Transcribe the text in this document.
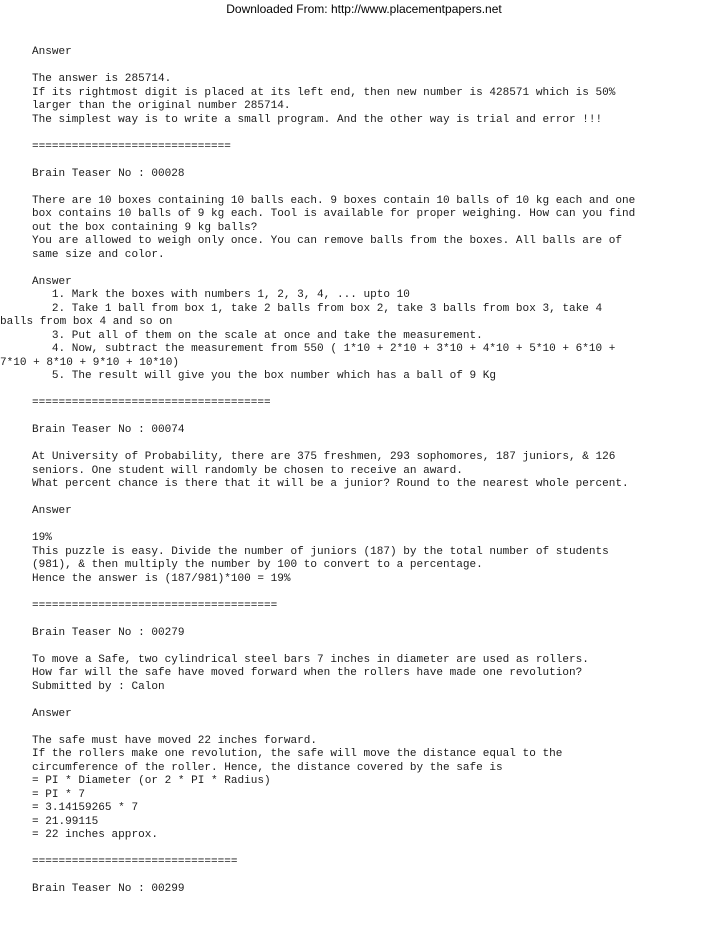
Downloaded From: http://www.placementpapers.net
Answer
The answer is 285714.
If its rightmost digit is placed at its left end, then new number is 428571 which is 50%
larger than the original number 285714.
The simplest way is to write a small program. And the other way is trial and error !!!
==============================
Brain Teaser No : 00028
There are 10 boxes containing 10 balls each. 9 boxes contain 10 balls of 10 kg each and one
box contains 10 balls of 9 kg each. Tool is available for proper weighing. How can you find
out the box containing 9 kg balls?
You are allowed to weigh only once. You can remove balls from the boxes. All balls are of
same size and color.
Answer
1. Mark the boxes with numbers 1, 2, 3, 4, ... upto 10
2. Take 1 ball from box 1, take 2 balls from box 2, take 3 balls from box 3, take 4
balls from box 4 and so on
3. Put all of them on the scale at once and take the measurement.
4. Now, subtract the measurement from 550 ( 1*10 + 2*10 + 3*10 + 4*10 + 5*10 + 6*10 +
7*10 + 8*10 + 9*10 + 10*10)
5. The result will give you the box number which has a ball of 9 Kg
====================================
Brain Teaser No : 00074
At University of Probability, there are 375 freshmen, 293 sophomores, 187 juniors, & 126
seniors. One student will randomly be chosen to receive an award.
What percent chance is there that it will be a junior? Round to the nearest whole percent.
Answer
19%
This puzzle is easy. Divide the number of juniors (187) by the total number of students
(981), & then multiply the number by 100 to convert to a percentage.
Hence the answer is (187/981)*100 = 19%
=====================================
Brain Teaser No : 00279
To move a Safe, two cylindrical steel bars 7 inches in diameter are used as rollers.
How far will the safe have moved forward when the rollers have made one revolution?
Submitted by : Calon
Answer
The safe must have moved 22 inches forward.
If the rollers make one revolution, the safe will move the distance equal to the
circumference of the roller. Hence, the distance covered by the safe is
= PI * Diameter (or 2 * PI * Radius)
= PI * 7
= 3.14159265 * 7
= 21.99115
= 22 inches approx.
===============================
Brain Teaser No : 00299
